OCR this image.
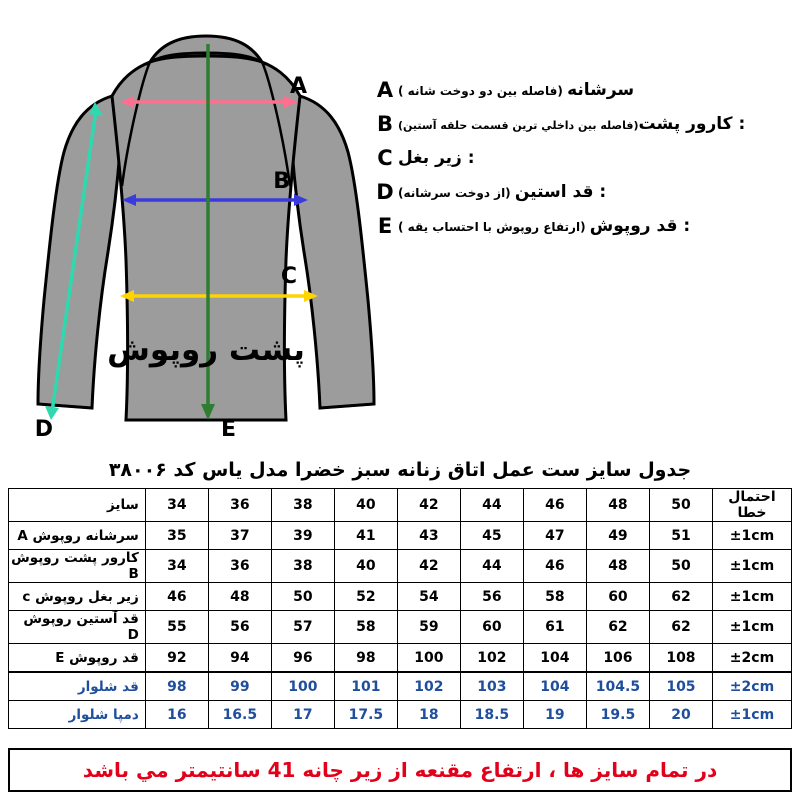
A
B
C
D	E
پشت روپوش
A	سرشانه (فاصله بين دو دوخت شانه )
B	: كارور پشت(فاصله بين داخلي ترين قسمت حلقه آستين)
C	: زير بغل
D	: قد استين (از دوخت سرشانه)
E	: قد روپوش (ارتفاع روپوش با احتساب يقه )
جدول سايز ست عمل اتاق زنانه سبز خضرا مدل ياس كد ۳۸۰۰۶
احتمال خطا	50	48	46	44	42	40	38	36	34	سايز
±1cm	51	49	47	45	43	41	39	37	35	سرشانه روپوش A
±1cm	50	48	46	44	42	40	38	36	34	كارور پشت روپوش B
±1cm	62	60	58	56	54	52	50	48	46	زير بغل روپوش c
±1cm	62	62	61	60	59	58	57	56	55	قد آستين روپوش D
±2cm	108	106	104	102	100	98	96	94	92	قد روپوش E
±2cm	105	104.5	104	103	102	101	100	99	98	قد شلوار
±1cm	20	19.5	19	18.5	18	17.5	17	16.5	16	دمپا شلوار
در تمام سايز ها ، ارتفاع مقنعه از زير چانه 41 سانتيمتر مي باشد
